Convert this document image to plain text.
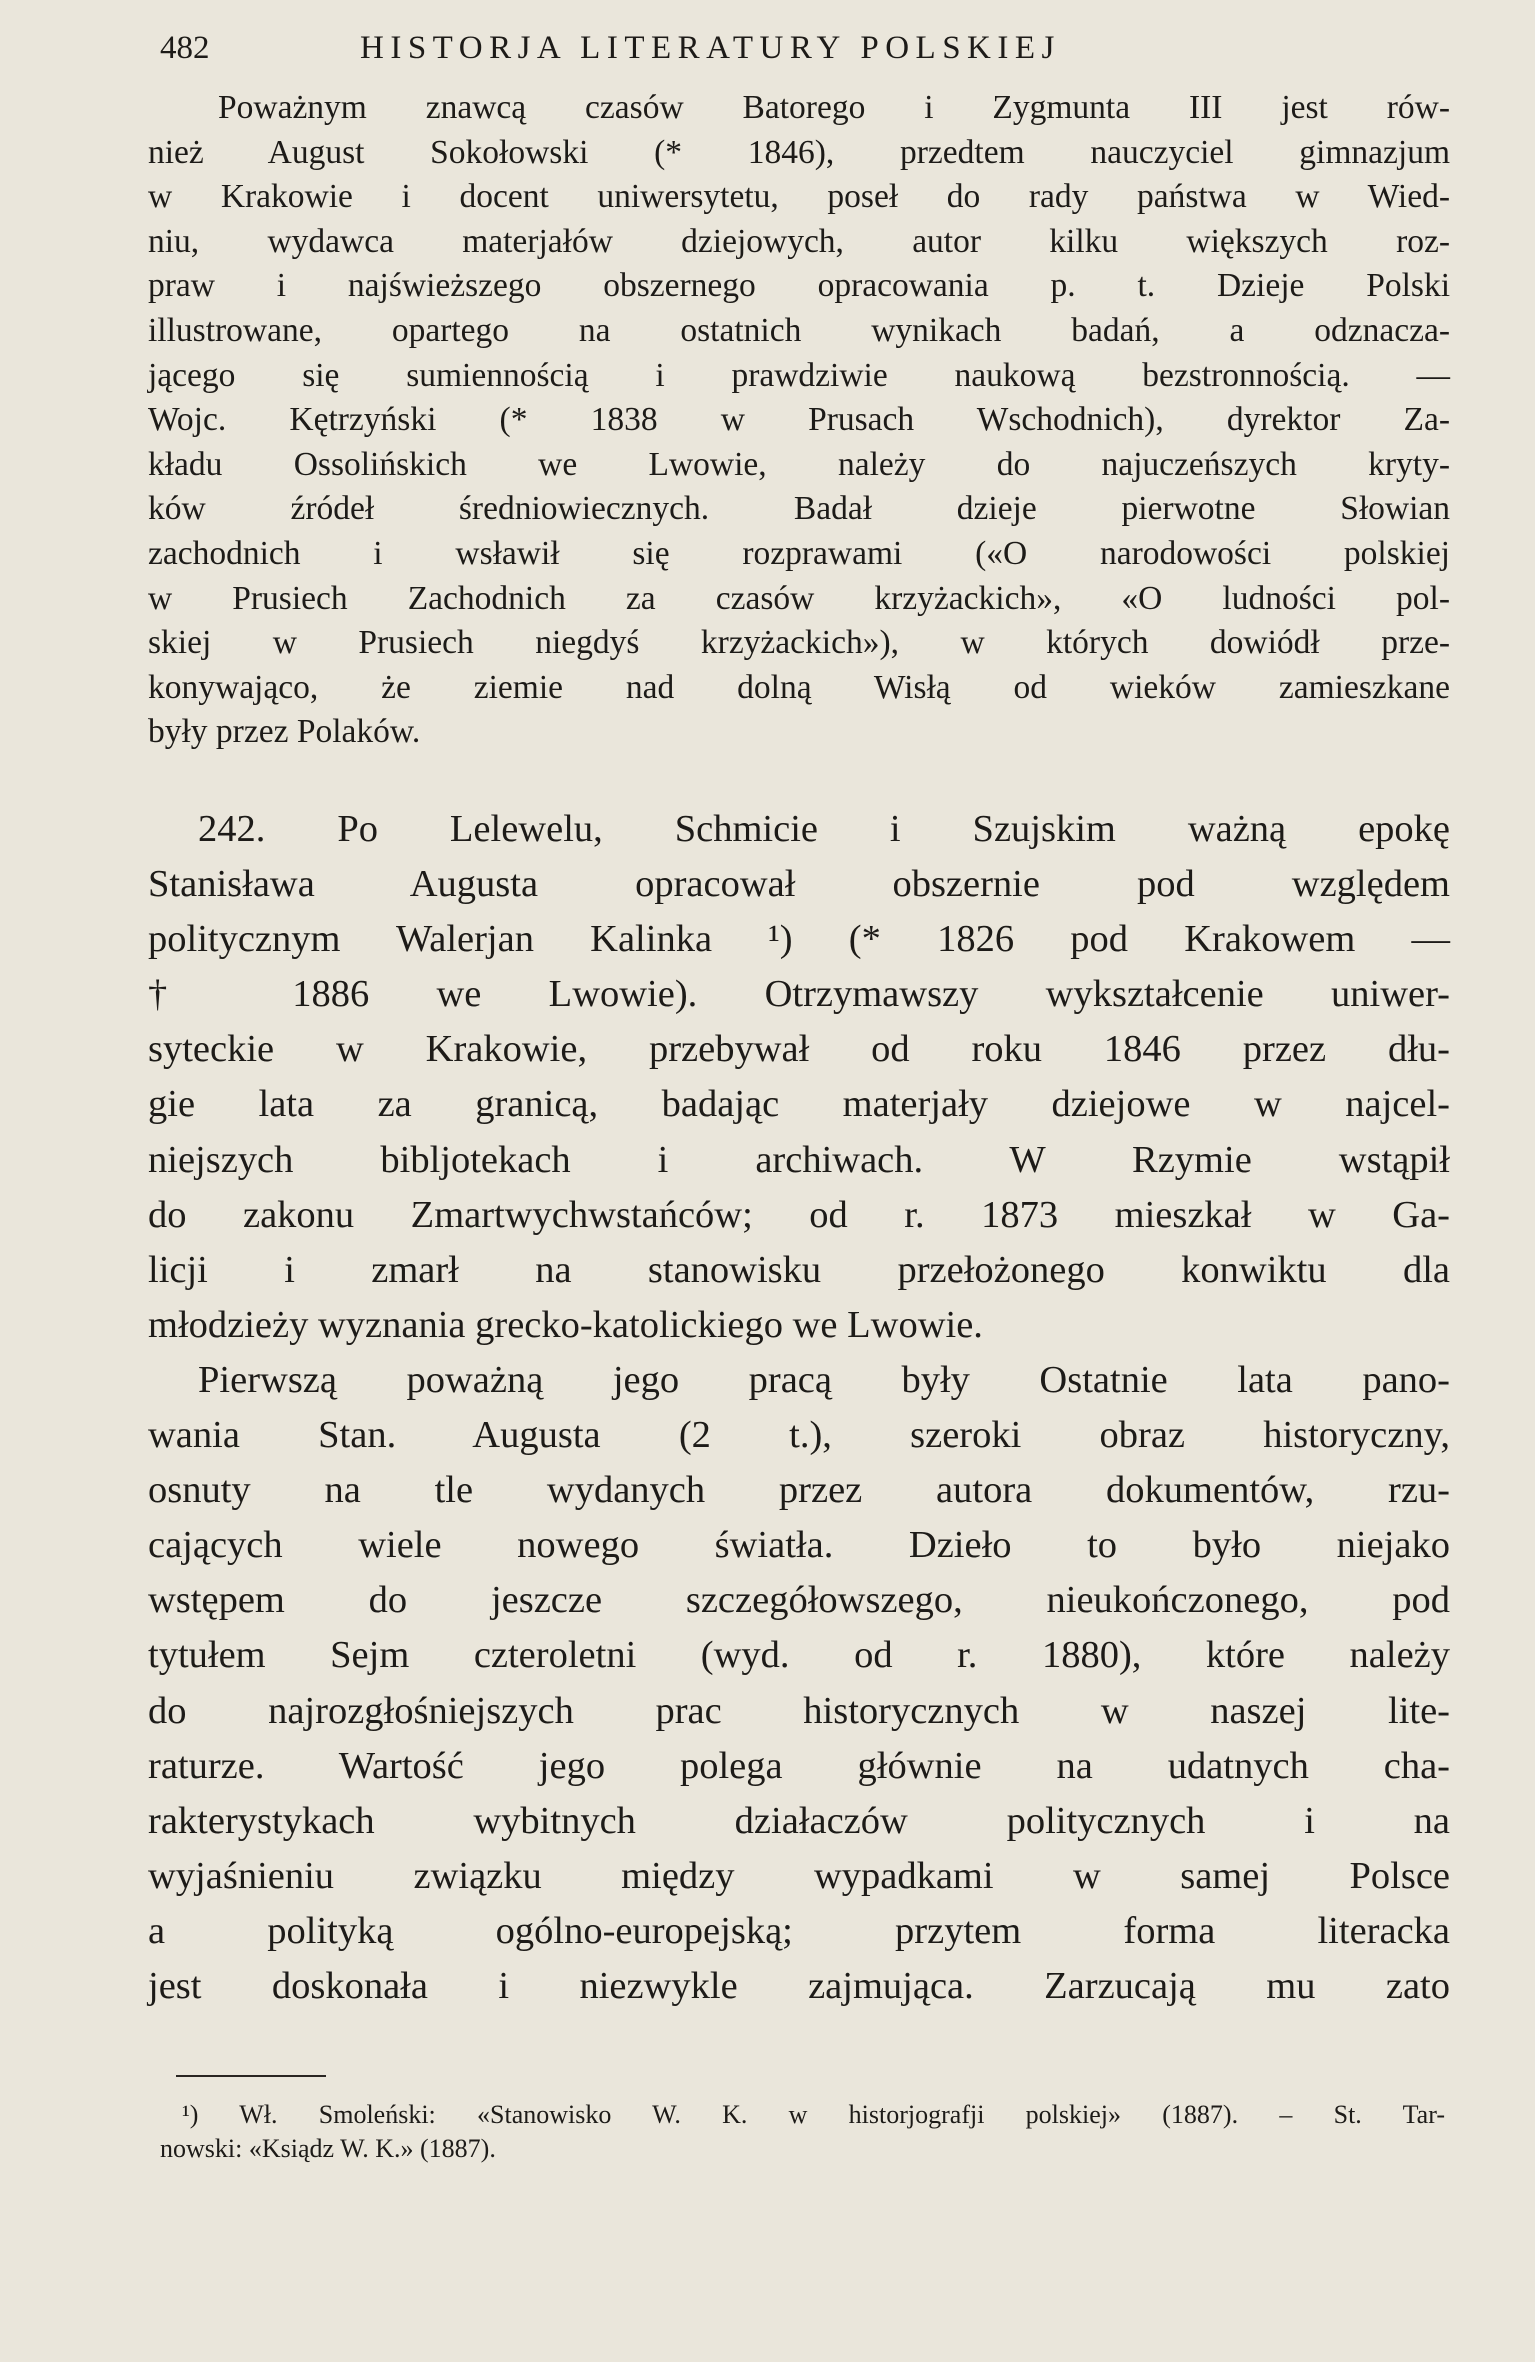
482	HISTORJA LITERATURY POLSKIEJ
Poważnym znawcą czasów Batorego i Zygmunta III jest rów-
nież August Sokołowski (* 1846), przedtem nauczyciel gimnazjum
w Krakowie i docent uniwersytetu, poseł do rady państwa w Wied-
niu, wydawca materjałów dziejowych, autor kilku większych roz-
praw i najświeższego obszernego opracowania p. t. Dzieje Polski
illustrowane, opartego na ostatnich wynikach badań, a odznacza-
jącego się sumiennością i prawdziwie naukową bezstronnością. —
Wojc. Kętrzyński (* 1838 w Prusach Wschodnich), dyrektor Za-
kładu Ossolińskich we Lwowie, należy do najuczeńszych kryty-
ków źródeł średniowiecznych. Badał dzieje pierwotne Słowian
zachodnich i wsławił się rozprawami («O narodowości polskiej
w Prusiech Zachodnich za czasów krzyżackich», «O ludności pol-
skiej w Prusiech niegdyś krzyżackich»), w których dowiódł prze-
konywająco, że ziemie nad dolną Wisłą od wieków zamieszkane
były przez Polaków.
242. Po Lelewelu, Schmicie i Szujskim ważną epokę
Stanisława Augusta opracował obszernie pod względem
politycznym Walerjan Kalinka ¹) (* 1826 pod Krakowem —
† 1886 we Lwowie). Otrzymawszy wykształcenie uniwer-
syteckie w Krakowie, przebywał od roku 1846 przez dłu-
gie lata za granicą, badając materjały dziejowe w najcel-
niejszych bibljotekach i archiwach. W Rzymie wstąpił
do zakonu Zmartwychwstańców; od r. 1873 mieszkał w Ga-
licji i zmarł na stanowisku przełożonego konwiktu dla
młodzieży wyznania grecko-katolickiego we Lwowie.
Pierwszą poważną jego pracą były Ostatnie lata pano-
wania Stan. Augusta (2 t.), szeroki obraz historyczny,
osnuty na tle wydanych przez autora dokumentów, rzu-
cających wiele nowego światła. Dzieło to było niejako
wstępem do jeszcze szczegółowszego, nieukończonego, pod
tytułem Sejm czteroletni (wyd. od r. 1880), które należy
do najrozgłośniejszych prac historycznych w naszej lite-
raturze. Wartość jego polega głównie na udatnych cha-
rakterystykach wybitnych działaczów politycznych i na
wyjaśnieniu związku między wypadkami w samej Polsce
a polityką ogólno-europejską; przytem forma literacka
jest doskonała i niezwykle zajmująca. Zarzucają mu zato
¹) Wł. Smoleński: «Stanowisko W. K. w historjografji polskiej» (1887). – St. Tar-
nowski: «Ksiądz W. K.» (1887).
